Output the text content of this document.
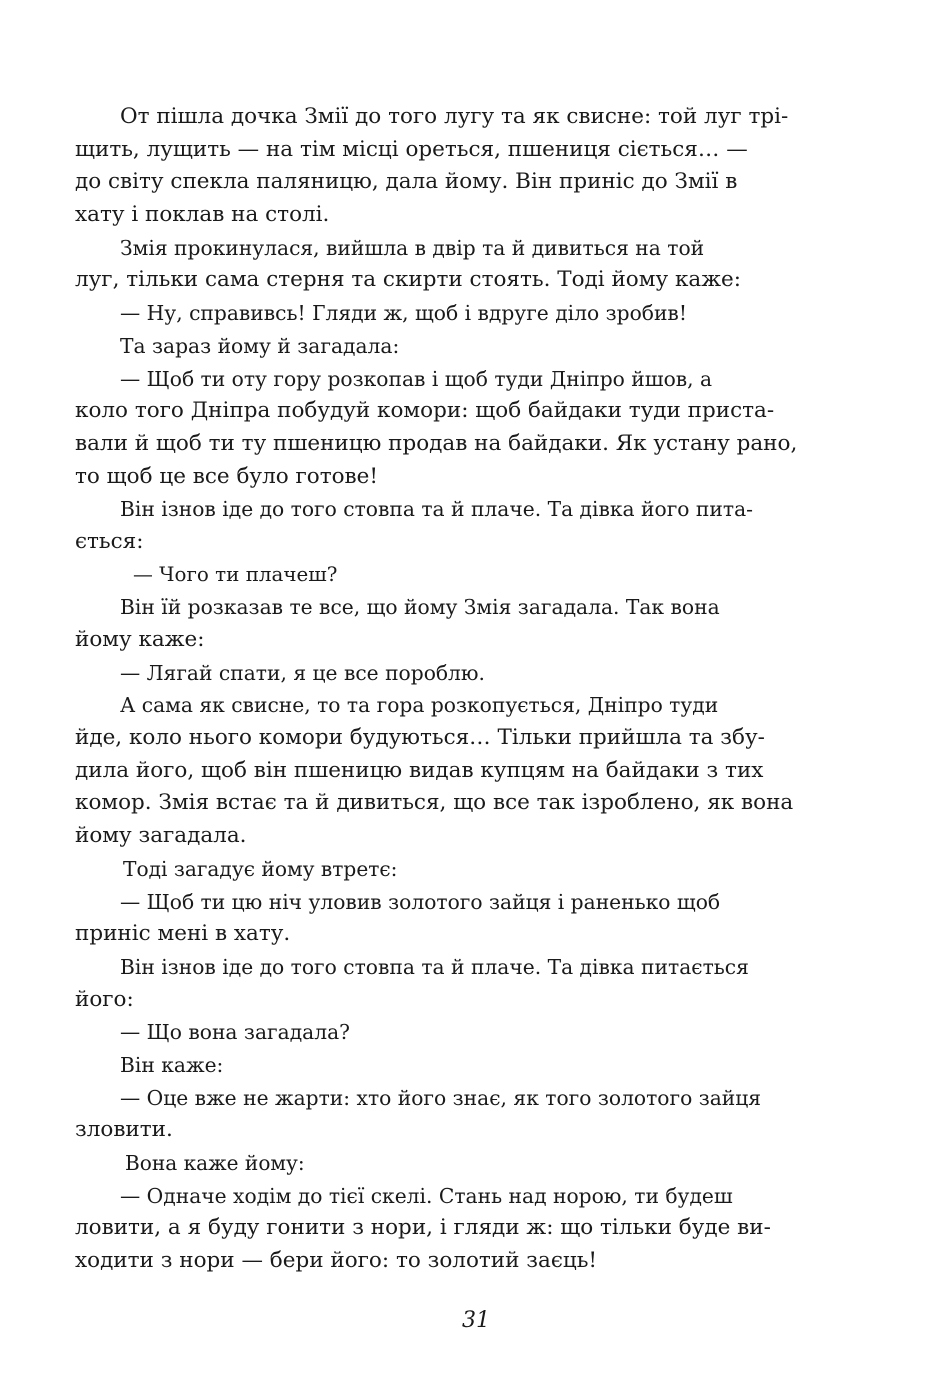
От пішла дочка Змії до того лугу та як свисне: той луг трі-
щить, лущить — на тім місці ореться, пшениця сіється… —
до світу спекла паляницю, дала йому. Він приніс до Змії в
хату і поклав на столі.
Змія прокинулася, вийшла в двір та й дивиться на той
луг, тільки сама стерня та скирти стоять. Тоді йому каже:
— Ну, справивсь! Гляди ж, щоб і вдруге діло зробив!
Та зараз йому й загадала:
— Щоб ти оту гору розкопав і щоб туди Дніпро йшов, а
коло того Дніпра побудуй комори: щоб байдаки туди приста-
вали й щоб ти ту пшеницю продав на байдаки. Як устану рано,
то щоб це все було готове!
Він ізнов іде до того стовпа та й плаче. Та дівка його пита-
ється:
— Чого ти плачеш?
Він їй розказав те все, що йому Змія загадала. Так вона
йому каже:
— Лягай спати, я це все пороблю.
А сама як свисне, то та гора розкопується, Дніпро туди
йде, коло нього комори будуються… Тільки прийшла та збу-
дила його, щоб він пшеницю видав купцям на байдаки з тих
комор. Змія встає та й дивиться, що все так ізроблено, як вона
йому загадала.
Тоді загадує йому втретє:
— Щоб ти цю ніч уловив золотого зайця і раненько щоб
приніс мені в хату.
Він ізнов іде до того стовпа та й плаче. Та дівка питається
його:
— Що вона загадала?
Він каже:
— Оце вже не жарти: хто його знає, як того золотого зайця
зловити.
Вона каже йому:
— Одначе ходім до тієї скелі. Стань над норою, ти будеш
ловити, а я буду гонити з нори, і гляди ж: що тільки буде ви-
ходити з нори — бери його: то золотий заєць!
31
